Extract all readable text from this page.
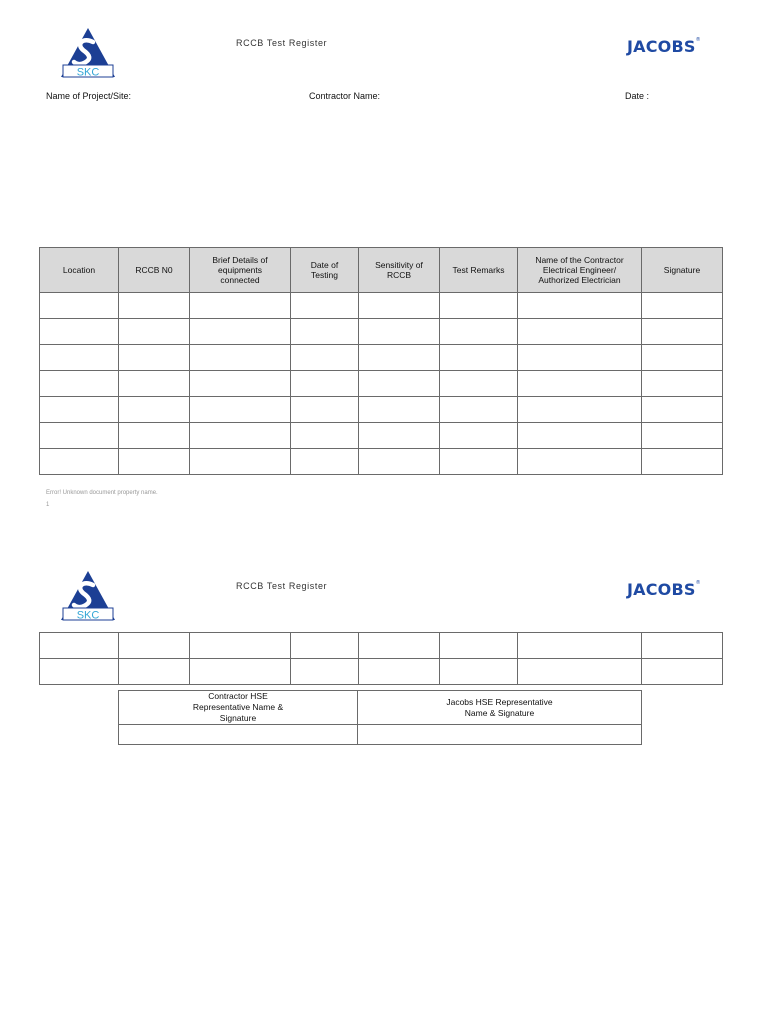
SKC
RCCB Test Register	JACOBS®
Name of Project/Site:	Contractor Name:	Date :
Location	RCCB N0	Brief Details of equipments connected	Date of Testing	Sensitivity of RCCB	Test Remarks	Name of the Contractor Electrical Engineer/ Authorized Electrician	Signature

Error! Unknown document property name.
1
SKC
RCCB Test Register	JACOBS®

Contractor HSE Representative Name & Signature	Jacobs HSE Representative Name & Signature
